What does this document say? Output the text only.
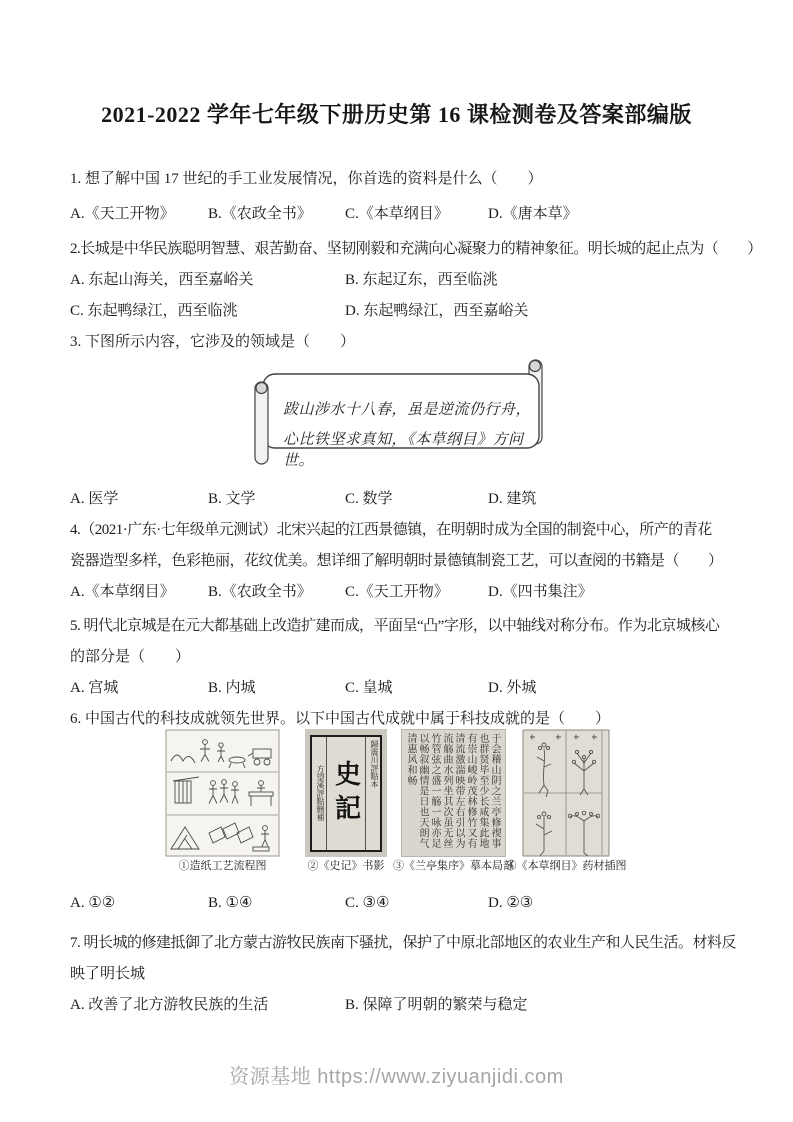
2021-2022 学年七年级下册历史第 16 课检测卷及答案部编版
1. 想了解中国 17 世纪的手工业发展情况，你首选的资料是什么（　　）
A.《天工开物》	B.《农政全书》	C.《本草纲目》	D.《唐本草》
2.长城是中华民族聪明智慧、艰苦勤奋、坚韧刚毅和充满向心凝聚力的精神象征。明长城的起止点为（　　）
A. 东起山海关，西至嘉峪关	B. 东起辽东，西至临洮
C. 东起鸭绿江，西至临洮	D. 东起鸭绿江，西至嘉峪关
3. 下图所示内容，它涉及的领域是（　　）
跋山涉水十八春，虽是逆流仍行舟，
心比铁坚求真知，《本草纲目》方问世。
A. 医学	B. 文学	C. 数学	D. 建筑
4.（2021·广东·七年级单元测试）北宋兴起的江西景德镇，在明朝时成为全国的制瓷中心，所产的青花
瓷器造型多样，色彩艳丽，花纹优美。想详细了解明朝时景德镇制瓷工艺，可以查阅的书籍是（　　）
A.《本草纲目》	B.《农政全书》	C.《天工开物》	D.《四书集注》
5. 明代北京城是在元大都基础上改造扩建而成，平面呈“凸”字形，以中轴线对称分布。作为北京城核心
的部分是（　　）
A. 宫城	B. 内城	C. 皇城	D. 外城
6. 中国古代的科技成就领先世界。以下中国古代成就中属于科技成就的是（　　）
①造纸工艺流程图
歸震川評點本
史記
方望溪評點删補
②《史记》书影
于会稽山阴之兰亭修禊事也群贤毕至少长咸集此地有崇山峻岭茂林修竹又有清流激湍映带左右引以为流觞曲水列坐其次虽无丝竹管弦之盛一觞一咏亦足以畅叙幽情是日也天朗气清惠风和畅
③《兰亭集序》摹本局部
④《本草纲目》药材插图
A. ①②	B. ①④	C. ③④	D. ②③
7. 明长城的修建抵御了北方蒙古游牧民族南下骚扰，保护了中原北部地区的农业生产和人民生活。材料反
映了明长城
A. 改善了北方游牧民族的生活	B. 保障了明朝的繁荣与稳定
资源基地 https://www.ziyuanjidi.com
